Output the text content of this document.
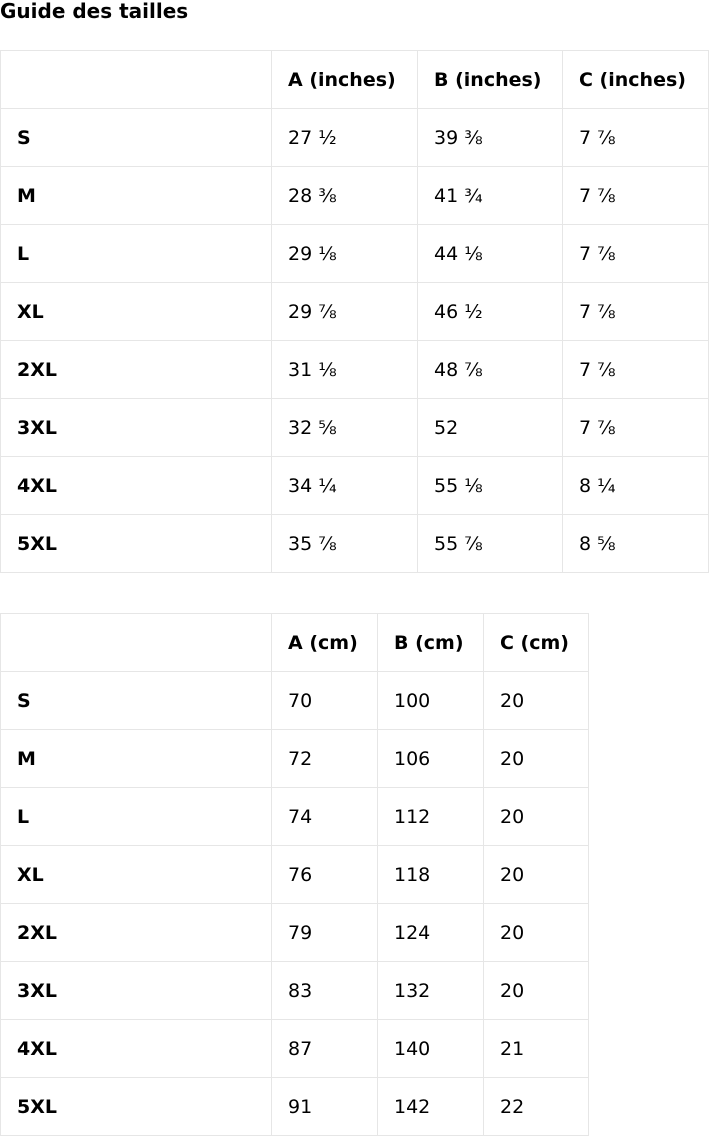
Guide des tailles
	A (inches)	B (inches)	C (inches)
S	27 ½	39 ⅜	7 ⅞
M	28 ⅜	41 ¾	7 ⅞
L	29 ⅛	44 ⅛	7 ⅞
XL	29 ⅞	46 ½	7 ⅞
2XL	31 ⅛	48 ⅞	7 ⅞
3XL	32 ⅝	52	7 ⅞
4XL	34 ¼	55 ⅛	8 ¼
5XL	35 ⅞	55 ⅞	8 ⅝
	A (cm)	B (cm)	C (cm)
S	70	100	20
M	72	106	20
L	74	112	20
XL	76	118	20
2XL	79	124	20
3XL	83	132	20
4XL	87	140	21
5XL	91	142	22
